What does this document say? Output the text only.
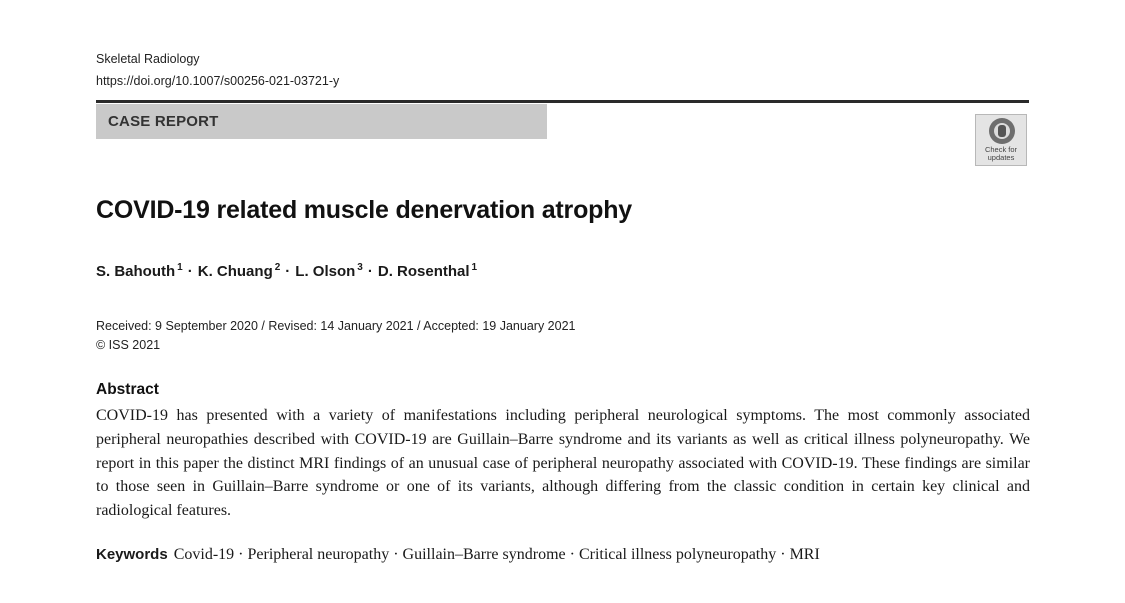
Skeletal Radiology
https://doi.org/10.1007/s00256-021-03721-y
CASE REPORT
Check for updates
COVID-19 related muscle denervation atrophy
S. Bahouth $^1$ · K. Chuang $^2$ · L. Olson $^3$ · D. Rosenthal $^1$
Received: 9 September 2020 / Revised: 14 January 2021 / Accepted: 19 January 2021
© ISS 2021
Abstract
COVID-19 has presented with a variety of manifestations including peripheral neurological symptoms. The most commonly associated peripheral neuropathies described with COVID-19 are Guillain–Barre syndrome and its variants as well as critical illness polyneuropathy. We report in this paper the distinct MRI findings of an unusual case of peripheral neuropathy associated with COVID-19. These findings are similar to those seen in Guillain–Barre syndrome or one of its variants, although differing from the classic condition in certain key clinical and radiological features.
Keywords Covid-19 · Peripheral neuropathy · Guillain–Barre syndrome · Critical illness polyneuropathy · MRI
